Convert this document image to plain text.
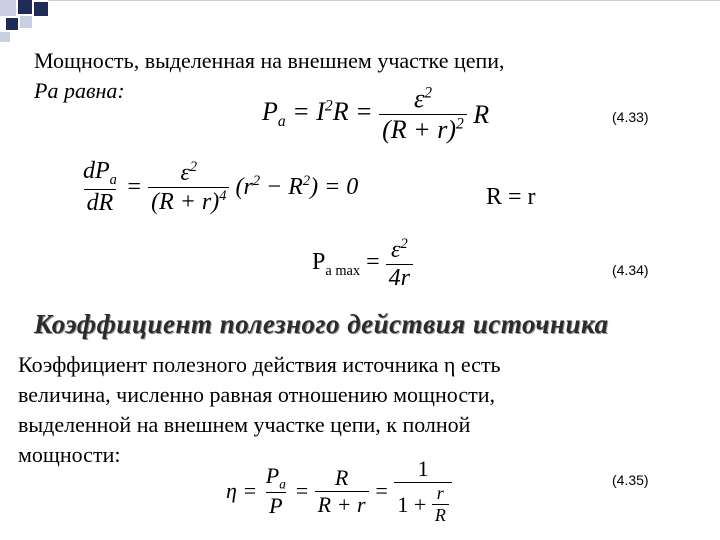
Мощность, выделенная на внешнем участке цепи,
Pa равна:
$P_a = I^2R = \frac{\varepsilon^2}{(R + r)^2}$ R	(4.33)
$\frac{dP_a}{dR} = \frac{\varepsilon^2}{(R + r)^4} (r^2 - R^2) = 0$	R = r
$P_{a max} = \frac{\varepsilon^2}{4r}$	(4.34)
Коэффициент полезного действия источника
Коэффициент полезного действия источника η есть
величина, численно равная отношению мощности,
выделенной на внешнем участке цепи, к полной
мощности:
$\eta = \frac{P_a}{P} = \frac{R}{R + r} = \frac{1}{1 + \frac{r}{R}}$	(4.35)
